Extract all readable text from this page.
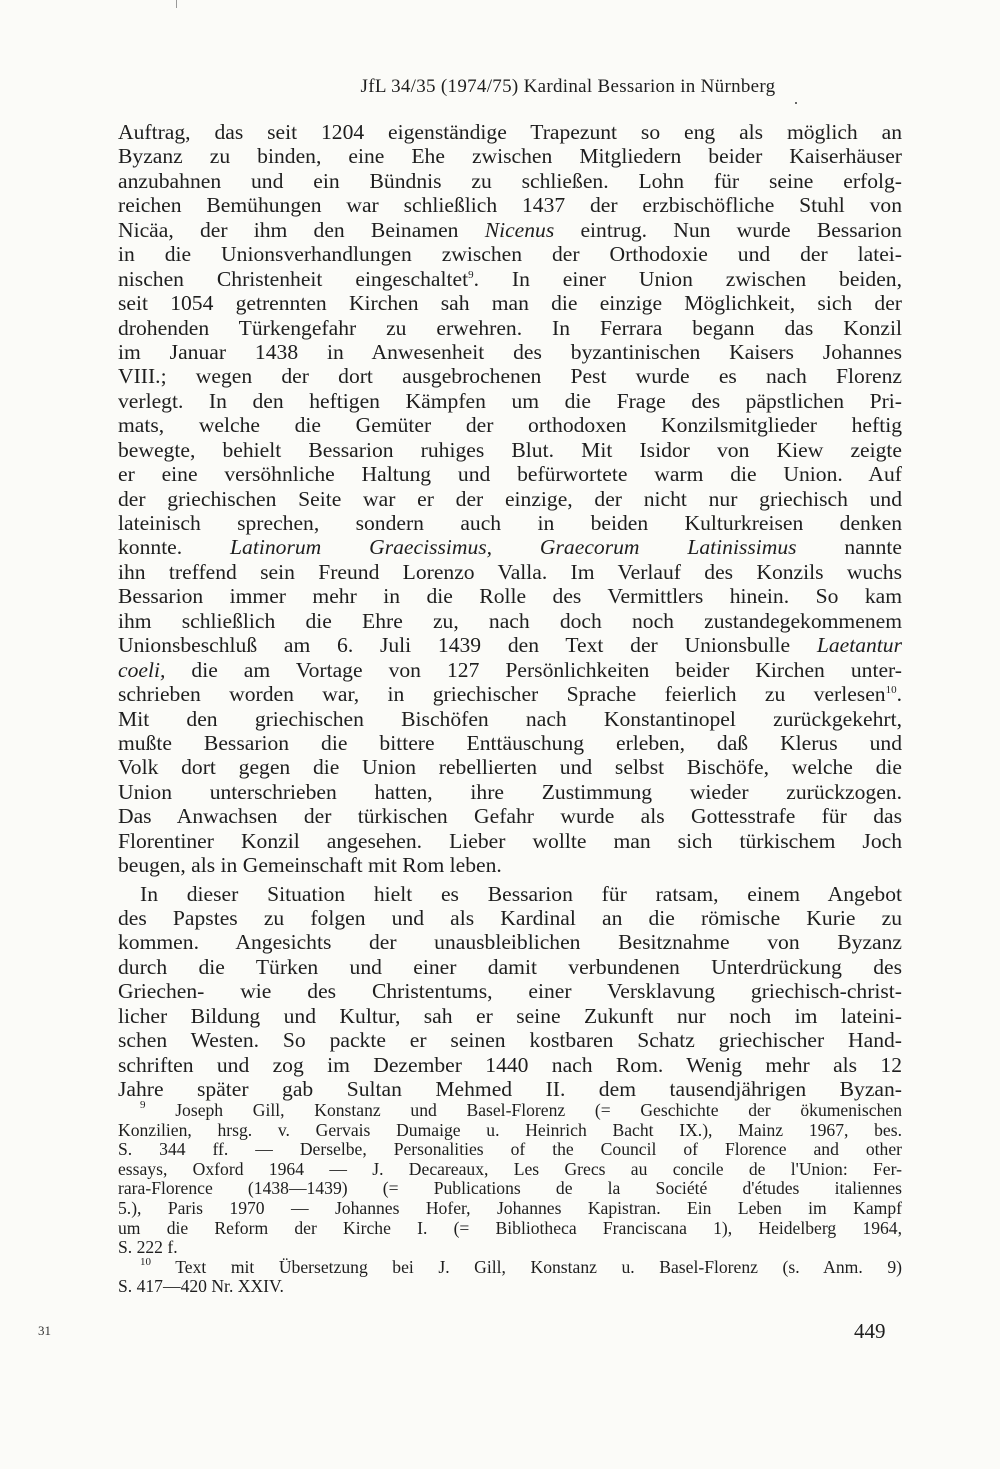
JfL 34/35 (1974/75) Kardinal Bessarion in Nürnberg
Auftrag, das seit 1204 eigenständige Trapezunt so eng als möglich an
Byzanz zu binden, eine Ehe zwischen Mitgliedern beider Kaiserhäuser
anzubahnen und ein Bündnis zu schließen. Lohn für seine erfolg-
reichen Bemühungen war schließlich 1437 der erzbischöfliche Stuhl von
Nicäa, der ihm den Beinamen Nicenus eintrug. Nun wurde Bessarion
in die Unionsverhandlungen zwischen der Orthodoxie und der latei-
nischen Christenheit eingeschaltet$^9$. In einer Union zwischen beiden,
seit 1054 getrennten Kirchen sah man die einzige Möglichkeit, sich der
drohenden Türkengefahr zu erwehren. In Ferrara begann das Konzil
im Januar 1438 in Anwesenheit des byzantinischen Kaisers Johannes
VIII.; wegen der dort ausgebrochenen Pest wurde es nach Florenz
verlegt. In den heftigen Kämpfen um die Frage des päpstlichen Pri-
mats, welche die Gemüter der orthodoxen Konzilsmitglieder heftig
bewegte, behielt Bessarion ruhiges Blut. Mit Isidor von Kiew zeigte
er eine versöhnliche Haltung und befürwortete warm die Union. Auf
der griechischen Seite war er der einzige, der nicht nur griechisch und
lateinisch sprechen, sondern auch in beiden Kulturkreisen denken
konnte. Latinorum Graecissimus, Graecorum Latinissimus nannte
ihn treffend sein Freund Lorenzo Valla. Im Verlauf des Konzils wuchs
Bessarion immer mehr in die Rolle des Vermittlers hinein. So kam
ihm schließlich die Ehre zu, nach doch noch zustandegekommenem
Unionsbeschluß am 6. Juli 1439 den Text der Unionsbulle Laetantur
coeli, die am Vortage von 127 Persönlichkeiten beider Kirchen unter-
schrieben worden war, in griechischer Sprache feierlich zu verlesen$^{10}$.
Mit den griechischen Bischöfen nach Konstantinopel zurückgekehrt,
mußte Bessarion die bittere Enttäuschung erleben, daß Klerus und
Volk dort gegen die Union rebellierten und selbst Bischöfe, welche die
Union unterschrieben hatten, ihre Zustimmung wieder zurückzogen.
Das Anwachsen der türkischen Gefahr wurde als Gottesstrafe für das
Florentiner Konzil angesehen. Lieber wollte man sich türkischem Joch
beugen, als in Gemeinschaft mit Rom leben.
In dieser Situation hielt es Bessarion für ratsam, einem Angebot
des Papstes zu folgen und als Kardinal an die römische Kurie zu
kommen. Angesichts der unausbleiblichen Besitznahme von Byzanz
durch die Türken und einer damit verbundenen Unterdrückung des
Griechen- wie des Christentums, einer Versklavung griechisch-christ-
licher Bildung und Kultur, sah er seine Zukunft nur noch im lateini-
schen Westen. So packte er seinen kostbaren Schatz griechischer Hand-
schriften und zog im Dezember 1440 nach Rom. Wenig mehr als 12
Jahre später gab Sultan Mehmed II. dem tausendjährigen Byzan-
$^9$ Joseph Gill, Konstanz und Basel-Florenz (= Geschichte der ökumenischen
Konzilien, hrsg. v. Gervais Dumaige u. Heinrich Bacht IX.), Mainz 1967, bes.
S. 344 ff. — Derselbe, Personalities of the Council of Florence and other
essays, Oxford 1964 — J. Decareaux, Les Grecs au concile de l'Union: Fer-
rara-Florence (1438—1439) (= Publications de la Société d'études italiennes
5.), Paris 1970 — Johannes Hofer, Johannes Kapistran. Ein Leben im Kampf
um die Reform der Kirche I. (= Bibliotheca Franciscana 1), Heidelberg 1964,
S. 222 f.
$^{10}$ Text mit Übersetzung bei J. Gill, Konstanz u. Basel-Florenz (s. Anm. 9)
S. 417—420 Nr. XXIV.
31	449
